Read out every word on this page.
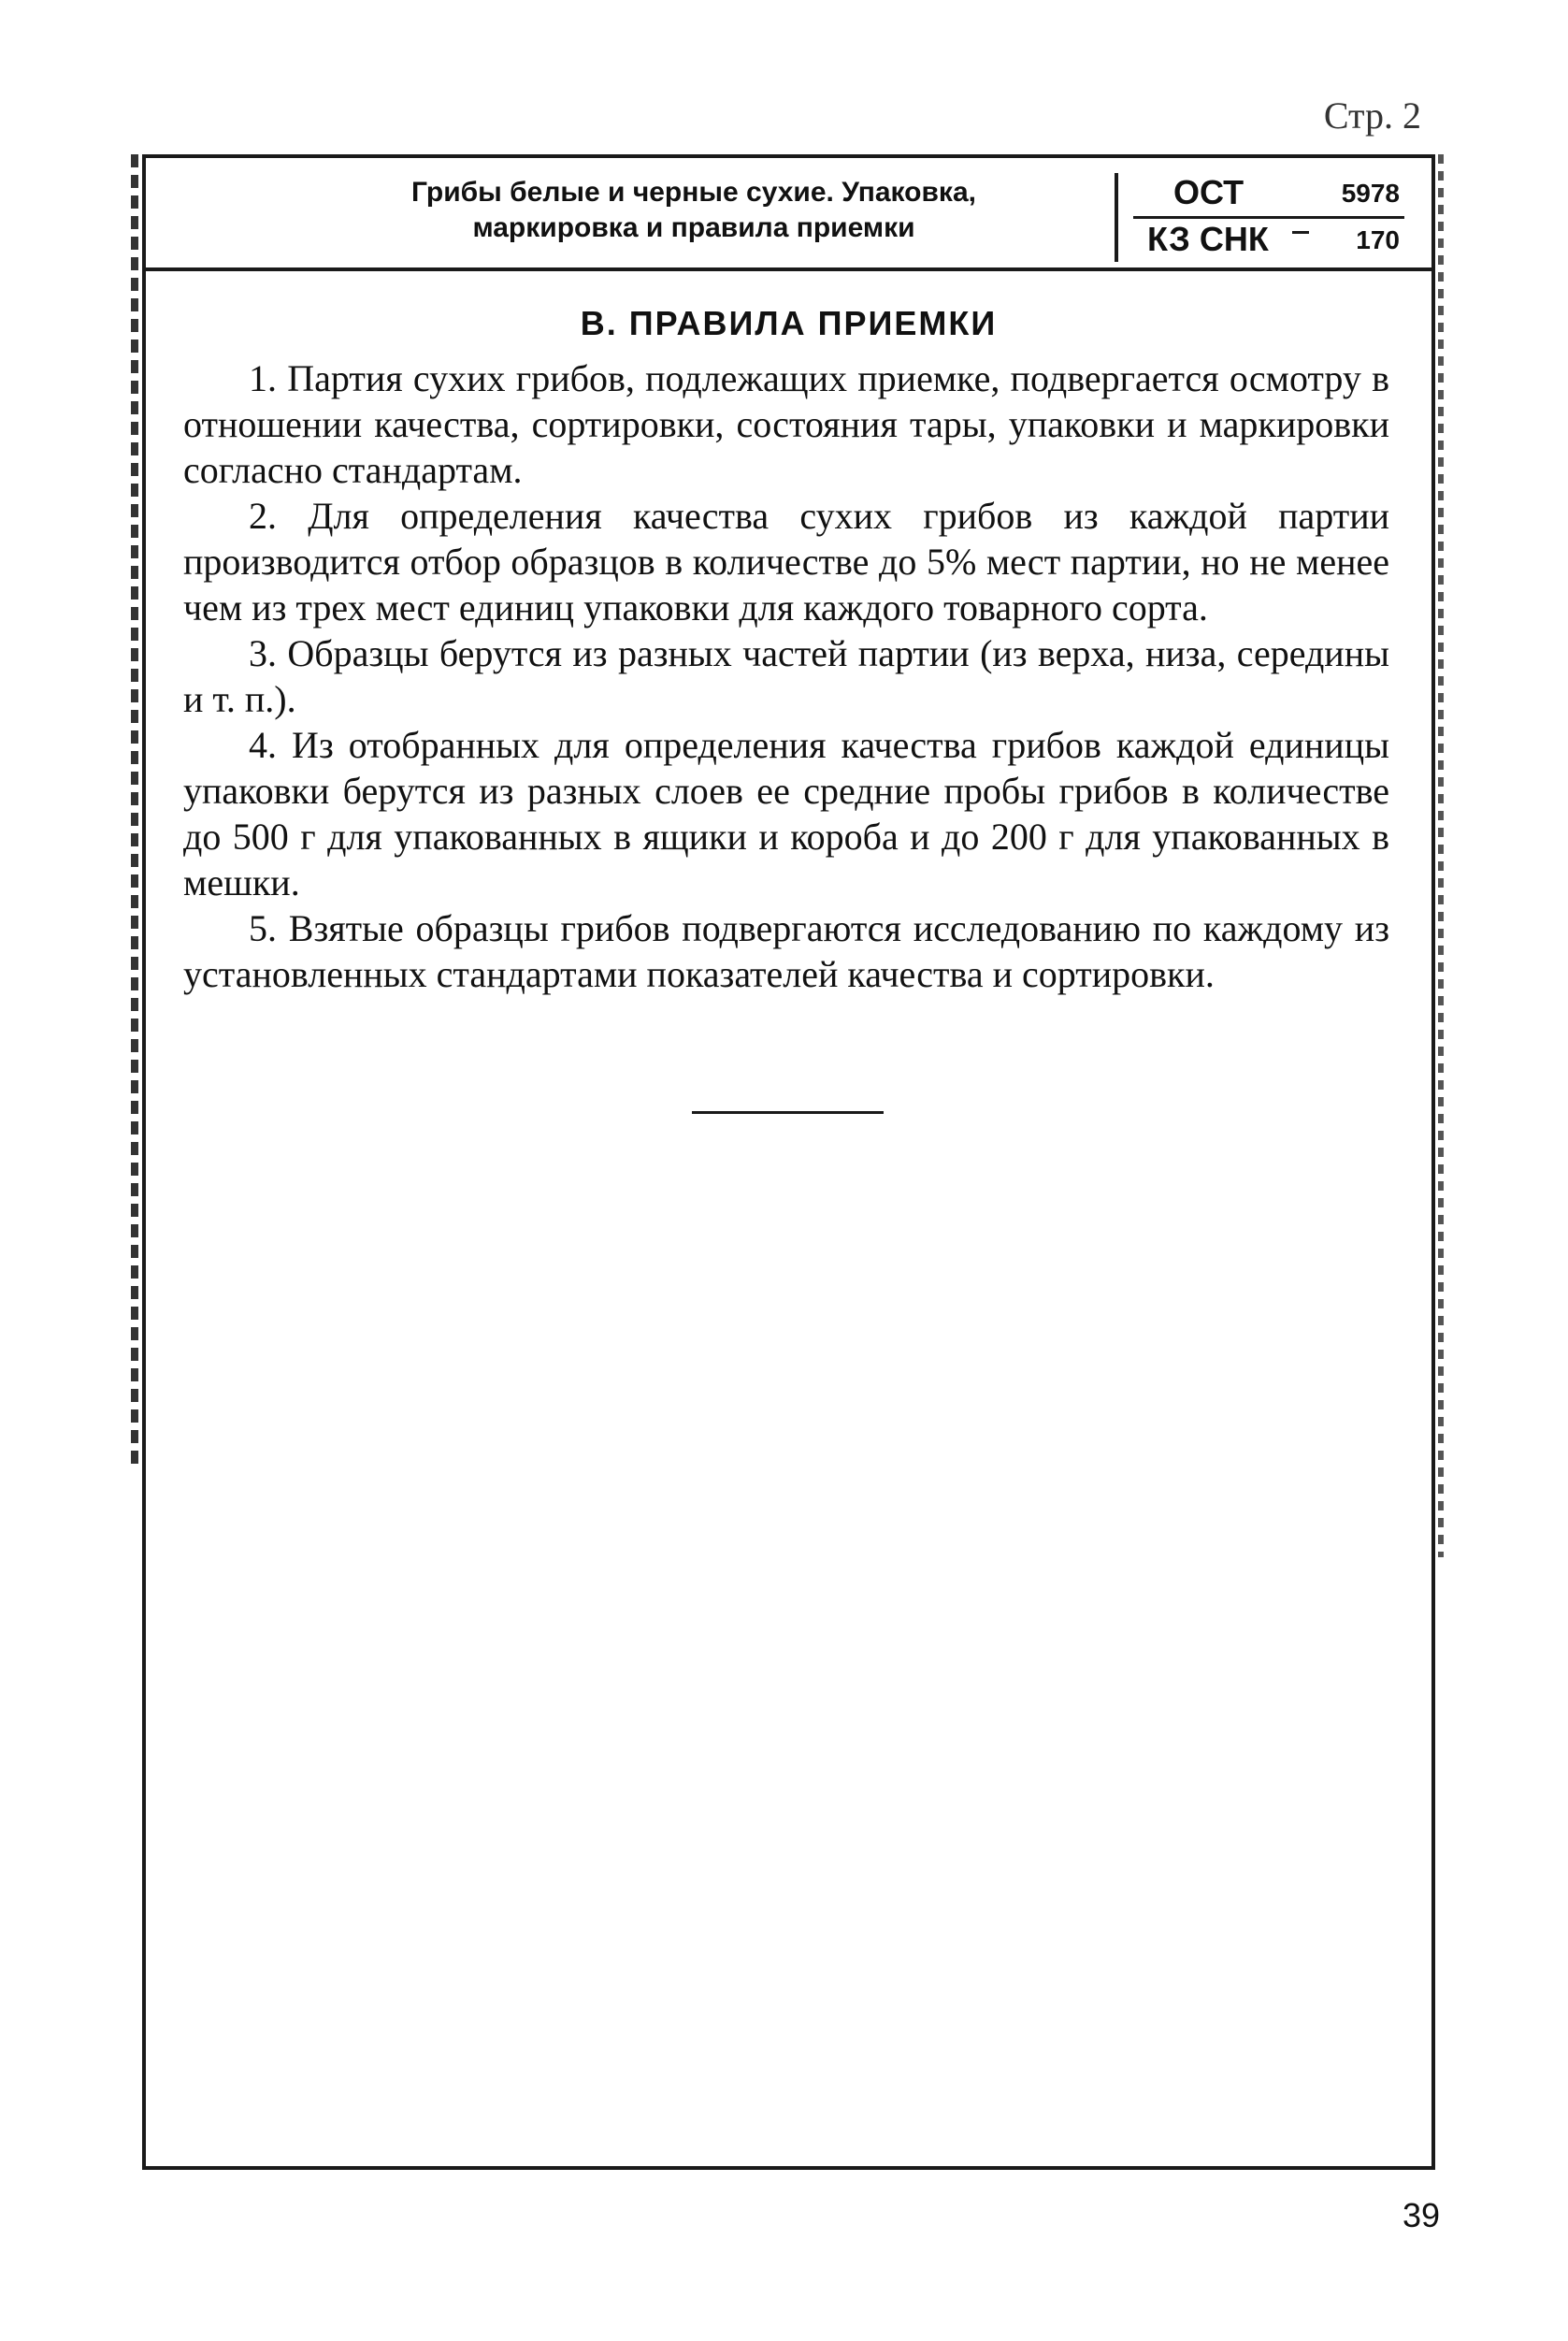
Стр. 2
Грибы белые и черные сухие. Упаковка,
маркировка и правила приемки
ОСТ	5978
КЗ СНК	170
В. ПРАВИЛА ПРИЕМКИ

1. Партия сухих грибов, подлежащих приемке, подвергается осмотру в отношении качества, сортировки, состояния тары, упаковки и маркировки согласно стандартам.

2. Для определения качества сухих грибов из каждой партии производится отбор образцов в количестве до 5% мест партии, но не менее чем из трех мест единиц упаковки для каждого товарного сорта.

3. Образцы берутся из разных частей партии (из верха, низа, середины и т. п.).

4. Из отобранных для определения качества грибов каждой единицы упаковки берутся из разных слоев ее средние пробы грибов в количестве до 500 г для упакованных в ящики и короба и до 200 г для упакованных в мешки.

5. Взятые образцы грибов подвергаются исследованию по каждому из установленных стандартами показателей качества и сортировки.

39
